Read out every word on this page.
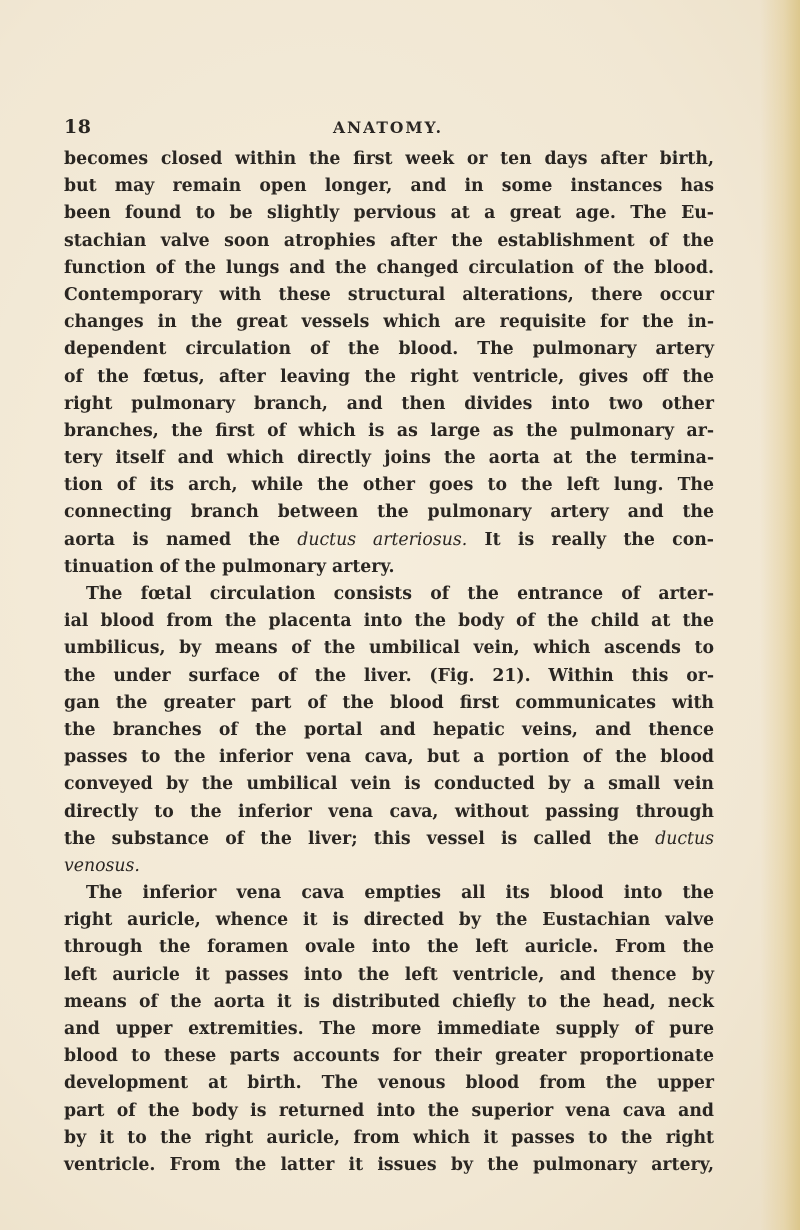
18	ANATOMY.
becomes closed within the first week or ten days after birth,
but may remain open longer, and in some instances has
been found to be slightly pervious at a great age. The Eu-
stachian valve soon atrophies after the establishment of the
function of the lungs and the changed circulation of the blood.
Contemporary with these structural alterations, there occur
changes in the great vessels which are requisite for the in-
dependent circulation of the blood. The pulmonary artery
of the fœtus, after leaving the right ventricle, gives off the
right pulmonary branch, and then divides into two other
branches, the first of which is as large as the pulmonary ar-
tery itself and which directly joins the aorta at the termina-
tion of its arch, while the other goes to the left lung. The
connecting branch between the pulmonary artery and the
aorta is named the ductus arteriosus. It is really the con-
tinuation of the pulmonary artery.
The fœtal circulation consists of the entrance of arter-
ial blood from the placenta into the body of the child at the
umbilicus, by means of the umbilical vein, which ascends to
the under surface of the liver. (Fig. 21). Within this or-
gan the greater part of the blood first communicates with
the branches of the portal and hepatic veins, and thence
passes to the inferior vena cava, but a portion of the blood
conveyed by the umbilical vein is conducted by a small vein
directly to the inferior vena cava, without passing through
the substance of the liver; this vessel is called the ductus
venosus.
The inferior vena cava empties all its blood into the
right auricle, whence it is directed by the Eustachian valve
through the foramen ovale into the left auricle. From the
left auricle it passes into the left ventricle, and thence by
means of the aorta it is distributed chiefly to the head, neck
and upper extremities. The more immediate supply of pure
blood to these parts accounts for their greater proportionate
development at birth. The venous blood from the upper
part of the body is returned into the superior vena cava and
by it to the right auricle, from which it passes to the right
ventricle. From the latter it issues by the pulmonary artery,
